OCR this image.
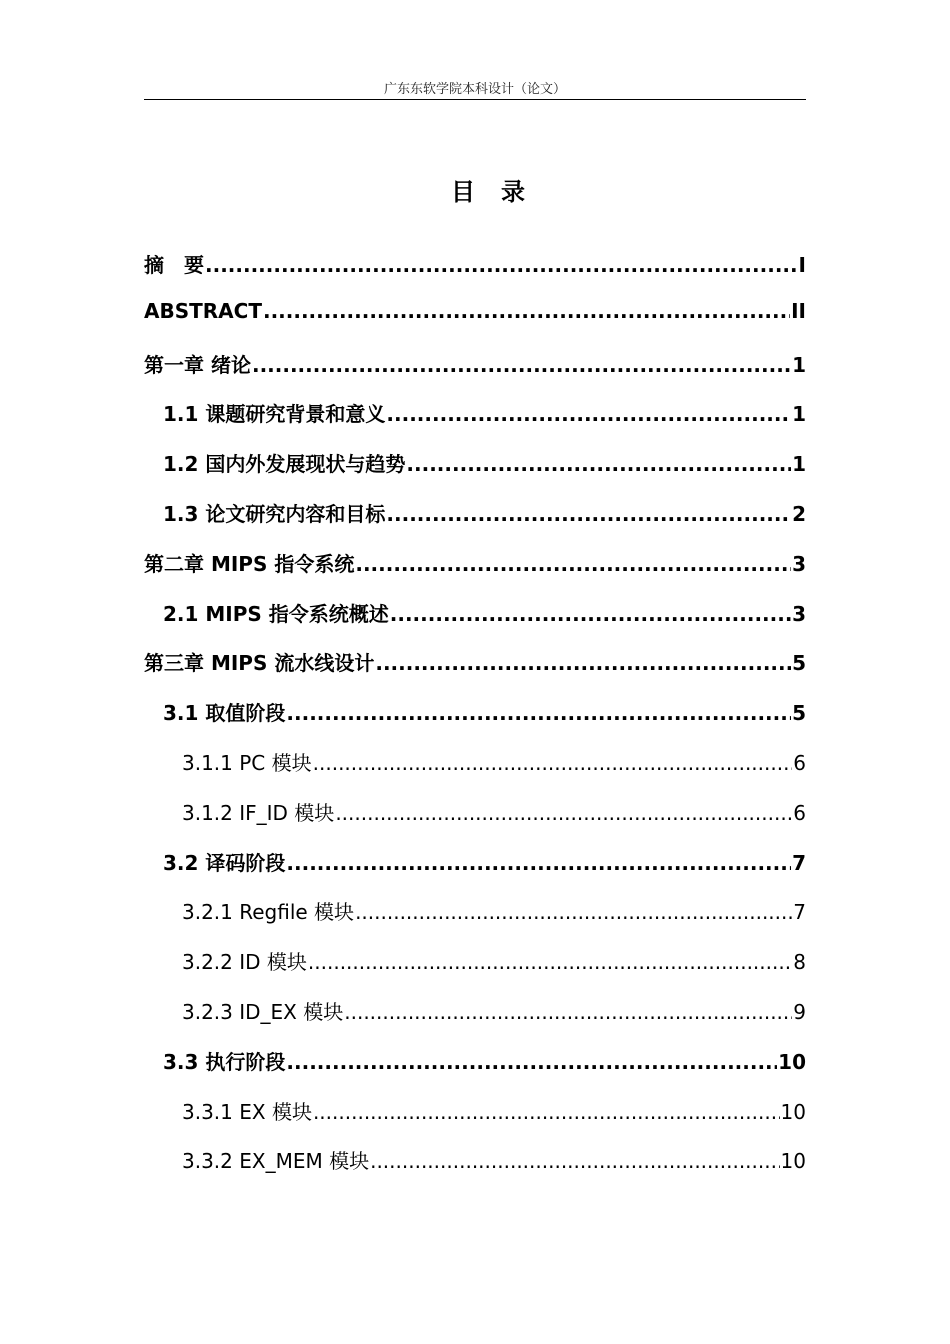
广东东软学院本科设计（论文）
目录
摘　要 .....	I
ABSTRACT .....	II
第一章 绪论 .....	1
1.1 课题研究背景和意义 .....	1
1.2 国内外发展现状与趋势 .....	1
1.3 论文研究内容和目标 .....	2
第二章 MIPS 指令系统 .....	3
2.1 MIPS 指令系统概述 .....	3
第三章 MIPS 流水线设计 .....	5
3.1 取值阶段 .....	5
3.1.1 PC 模块 .....	6
3.1.2 IF_ID 模块 .....	6
3.2 译码阶段 .....	7
3.2.1 Regfile 模块 .....	7
3.2.2 ID 模块 .....	8
3.2.3 ID_EX 模块 .....	9
3.3 执行阶段 .....	10
3.3.1 EX 模块 .....	10
3.3.2 EX_MEM 模块 .....	10
